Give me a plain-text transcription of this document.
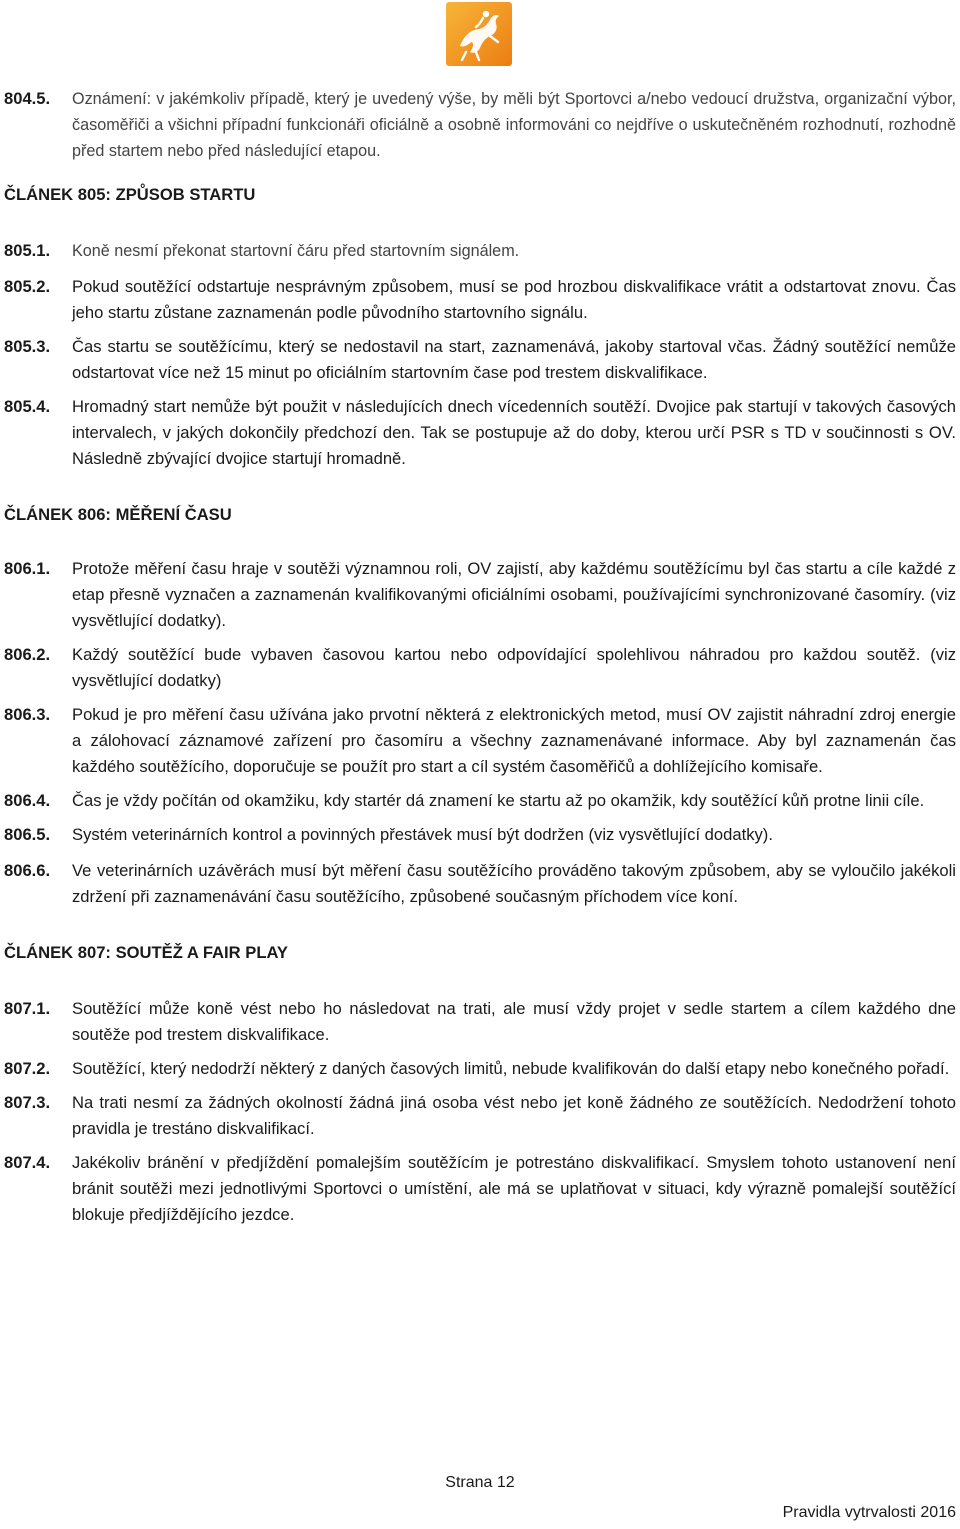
804.5.	Oznámení: v jakémkoliv případě, který je uvedený výše, by měli být Sportovci a/nebo vedoucí družstva, organizační výbor, časoměřiči a všichni případní funkcionáři oficiálně a osobně informováni co nejdříve o uskutečněném rozhodnutí, rozhodně před startem nebo před následující etapou.

ČLÁNEK 805: ZPŮSOB STARTU

805.1.	Koně nesmí překonat startovní čáru před startovním signálem.
805.2.	Pokud soutěžící odstartuje nesprávným způsobem, musí se pod hrozbou diskvalifikace vrátit a odstartovat znovu. Čas jeho startu zůstane zaznamenán podle původního startovního signálu.
805.3.	Čas startu se soutěžícímu, který se nedostavil na start, zaznamenává, jakoby startoval včas. Žádný soutěžící nemůže odstartovat více než 15 minut po oficiálním startovním čase pod trestem diskvalifikace.
805.4.	Hromadný start nemůže být použit v následujících dnech vícedenních soutěží. Dvojice pak startují v takových časových intervalech, v jakých dokončily předchozí den. Tak se postupuje až do doby, kterou určí PSR s TD v součinnosti s OV. Následně zbývající dvojice startují hromadně.

ČLÁNEK 806: MĚŘENÍ ČASU

806.1.	Protože měření času hraje v soutěži významnou roli, OV zajistí, aby každému soutěžícímu byl čas startu a cíle každé z etap přesně vyznačen a zaznamenán kvalifikovanými oficiálními osobami, používajícími synchronizované časomíry. (viz vysvětlující dodatky).
806.2.	Každý soutěžící bude vybaven časovou kartou nebo odpovídající spolehlivou náhradou pro každou soutěž. (viz vysvětlující dodatky)
806.3.	Pokud je pro měření času užívána jako prvotní některá z elektronických metod, musí OV zajistit náhradní zdroj energie a zálohovací záznamové zařízení pro časomíru a všechny zaznamenávané informace. Aby byl zaznamenán čas každého soutěžícího, doporučuje se použít pro start a cíl systém časoměřičů a dohlížejícího komisaře.
806.4.	Čas je vždy počítán od okamžiku, kdy startér dá znamení ke startu až po okamžik, kdy soutěžící kůň protne linii cíle.
806.5.	Systém veterinárních kontrol a povinných přestávek musí být dodržen (viz vysvětlující dodatky).
806.6.	Ve veterinárních uzávěrách musí být měření času soutěžícího prováděno takovým způsobem, aby se vyloučilo jakékoli zdržení při zaznamenávání času soutěžícího, způsobené současným příchodem více koní.

ČLÁNEK 807: SOUTĚŽ A FAIR PLAY

807.1.	Soutěžící může koně vést nebo ho následovat na trati, ale musí vždy projet v sedle startem a cílem každého dne soutěže pod trestem diskvalifikace.
807.2.	Soutěžící, který nedodrží některý z daných časových limitů, nebude kvalifikován do další etapy nebo konečného pořadí.
807.3.	Na trati nesmí za žádných okolností žádná jiná osoba vést nebo jet koně žádného ze soutěžících. Nedodržení tohoto pravidla je trestáno diskvalifikací.
807.4.	Jakékoliv bránění v předjíždění pomalejším soutěžícím je potrestáno diskvalifikací. Smyslem tohoto ustanovení není bránit soutěži mezi jednotlivými Sportovci o umístění, ale má se uplatňovat v situaci, kdy výrazně pomalejší soutěžící blokuje předjíždějícího jezdce.
Strana 12
Pravidla vytrvalosti 2016
